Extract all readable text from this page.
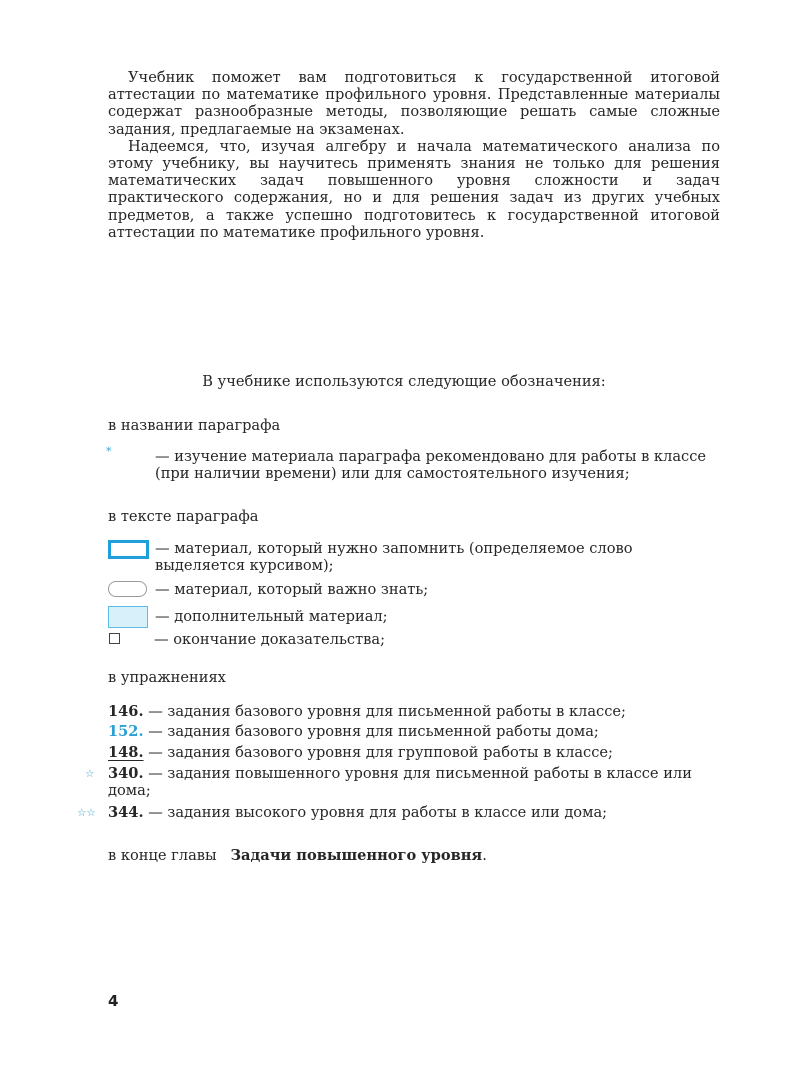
Учебник поможет вам подготовиться к государственной итоговой аттестации по математике профильного уровня. Представленные материалы содержат разнообразные методы, позволяющие решать самые сложные задания, предлагаемые на экзаменах.

Надеемся, что, изучая алгебру и начала математического анализа по этому учебнику, вы научитесь применять знания не только для решения математических задач повышенного уровня сложности и задач практического содержания, но и для решения задач из других учебных предметов, а также успешно подготовитесь к государственной итоговой аттестации по математике профильного уровня.

В учебнике используются следующие обозначения:
в названии параграфа
*	— изучение материала параграфа рекомендовано для работы в классе (при наличии времени) или для самостоятельного изучения;
в тексте параграфа
— материал, который нужно запомнить (определяемое слово выделяется курсивом);
— материал, который важно знать;
— дополнительный материал;
— окончание доказательства;
в упражнениях
146. — задания базового уровня для письменной работы в классе;
152. — задания базового уровня для письменной работы дома;
148. — задания базового уровня для групповой работы в классе;
☆ 340. — задания повышенного уровня для письменной работы в классе или дома;
☆☆ 344. — задания высокого уровня для работы в классе или дома;
в конце главы Задачи повышенного уровня.
4
